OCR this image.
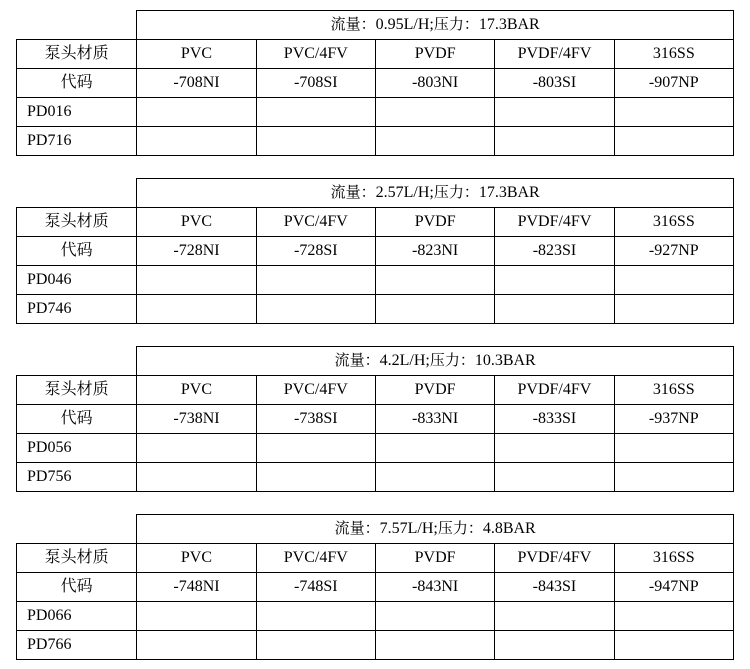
	流量：0.95L/H;压力：17.3BAR				
泵头材质	PVC	PVC/4FV	PVDF	PVDF/4FV	316SS
代码	-708NI	-708SI	-803NI	-803SI	-907NP
PD016					
PD716					
	流量：2.57L/H;压力：17.3BAR				
泵头材质	PVC	PVC/4FV	PVDF	PVDF/4FV	316SS
代码	-728NI	-728SI	-823NI	-823SI	-927NP
PD046					
PD746					
	流量：4.2L/H;压力：10.3BAR				
泵头材质	PVC	PVC/4FV	PVDF	PVDF/4FV	316SS
代码	-738NI	-738SI	-833NI	-833SI	-937NP
PD056					
PD756					
	流量：7.57L/H;压力：4.8BAR				
泵头材质	PVC	PVC/4FV	PVDF	PVDF/4FV	316SS
代码	-748NI	-748SI	-843NI	-843SI	-947NP
PD066					
PD766					
